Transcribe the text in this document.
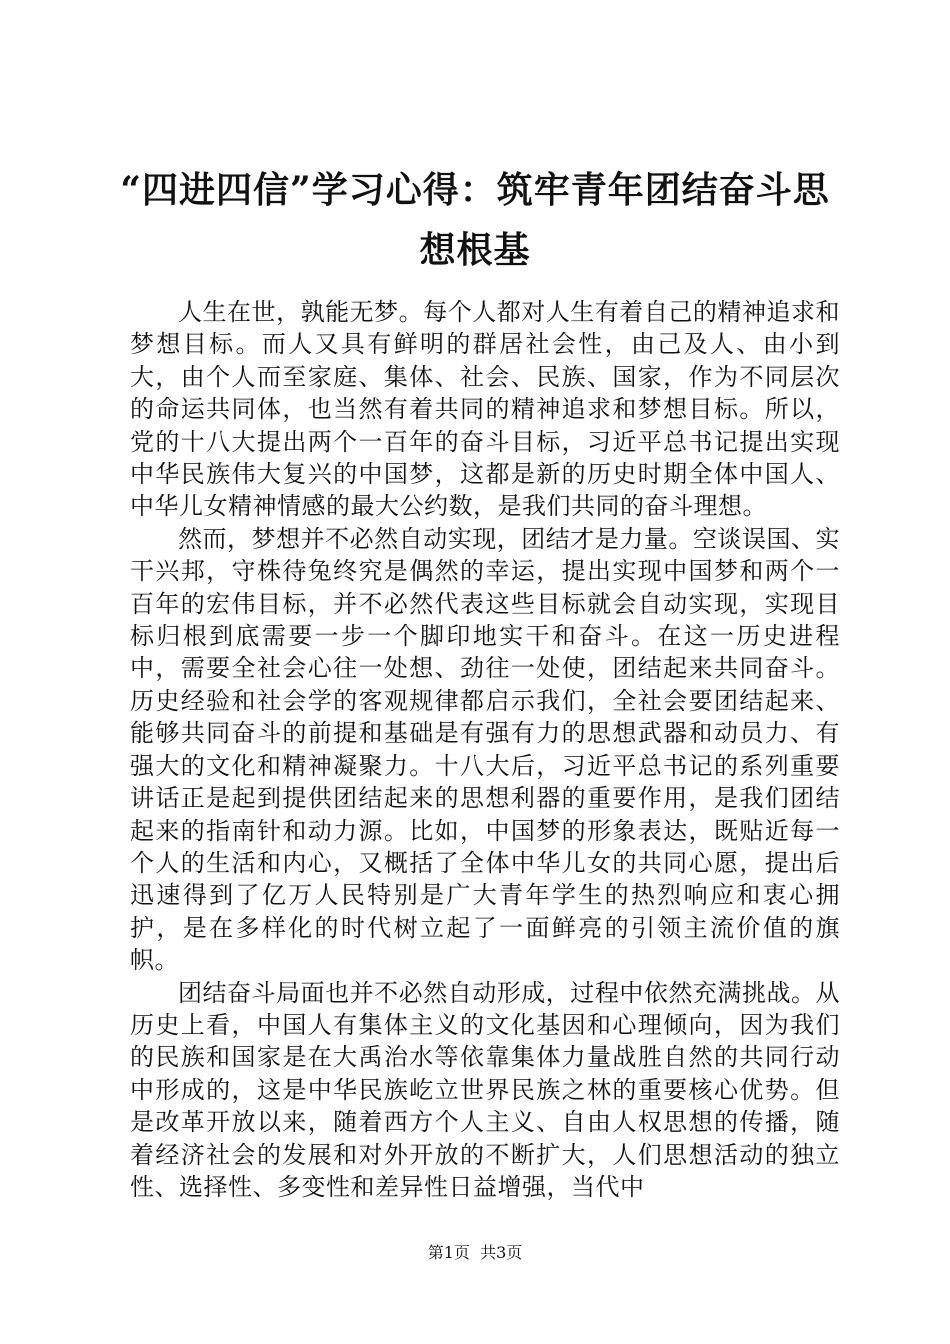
“四进四信”学习心得：筑牢青年团结奋斗思想根基

人生在世，孰能无梦。每个人都对人生有着自己的精神追求和梦想目标。而人又具有鲜明的群居社会性，由己及人、由小到大，由个人而至家庭、集体、社会、民族、国家，作为不同层次的命运共同体，也当然有着共同的精神追求和梦想目标。所以，党的十八大提出两个一百年的奋斗目标，习近平总书记提出实现中华民族伟大复兴的中国梦，这都是新的历史时期全体中国人、中华儿女精神情感的最大公约数，是我们共同的奋斗理想。

然而，梦想并不必然自动实现，团结才是力量。空谈误国、实干兴邦，守株待兔终究是偶然的幸运，提出实现中国梦和两个一百年的宏伟目标，并不必然代表这些目标就会自动实现，实现目标归根到底需要一步一个脚印地实干和奋斗。在这一历史进程中，需要全社会心往一处想、劲往一处使，团结起来共同奋斗。历史经验和社会学的客观规律都启示我们，全社会要团结起来、能够共同奋斗的前提和基础是有强有力的思想武器和动员力、有强大的文化和精神凝聚力。十八大后，习近平总书记的系列重要讲话正是起到提供团结起来的思想利器的重要作用，是我们团结起来的指南针和动力源。比如，中国梦的形象表达，既贴近每一个人的生活和内心，又概括了全体中华儿女的共同心愿，提出后迅速得到了亿万人民特别是广大青年学生的热烈响应和衷心拥护，是在多样化的时代树立起了一面鲜亮的引领主流价值的旗帜。

团结奋斗局面也并不必然自动形成，过程中依然充满挑战。从历史上看，中国人有集体主义的文化基因和心理倾向，因为我们的民族和国家是在大禹治水等依靠集体力量战胜自然的共同行动中形成的，这是中华民族屹立世界民族之林的重要核心优势。但是改革开放以来，随着西方个人主义、自由人权思想的传播，随着经济社会的发展和对外开放的不断扩大，人们思想活动的独立性、选择性、多变性和差异性日益增强，当代中

第1页  共3页
